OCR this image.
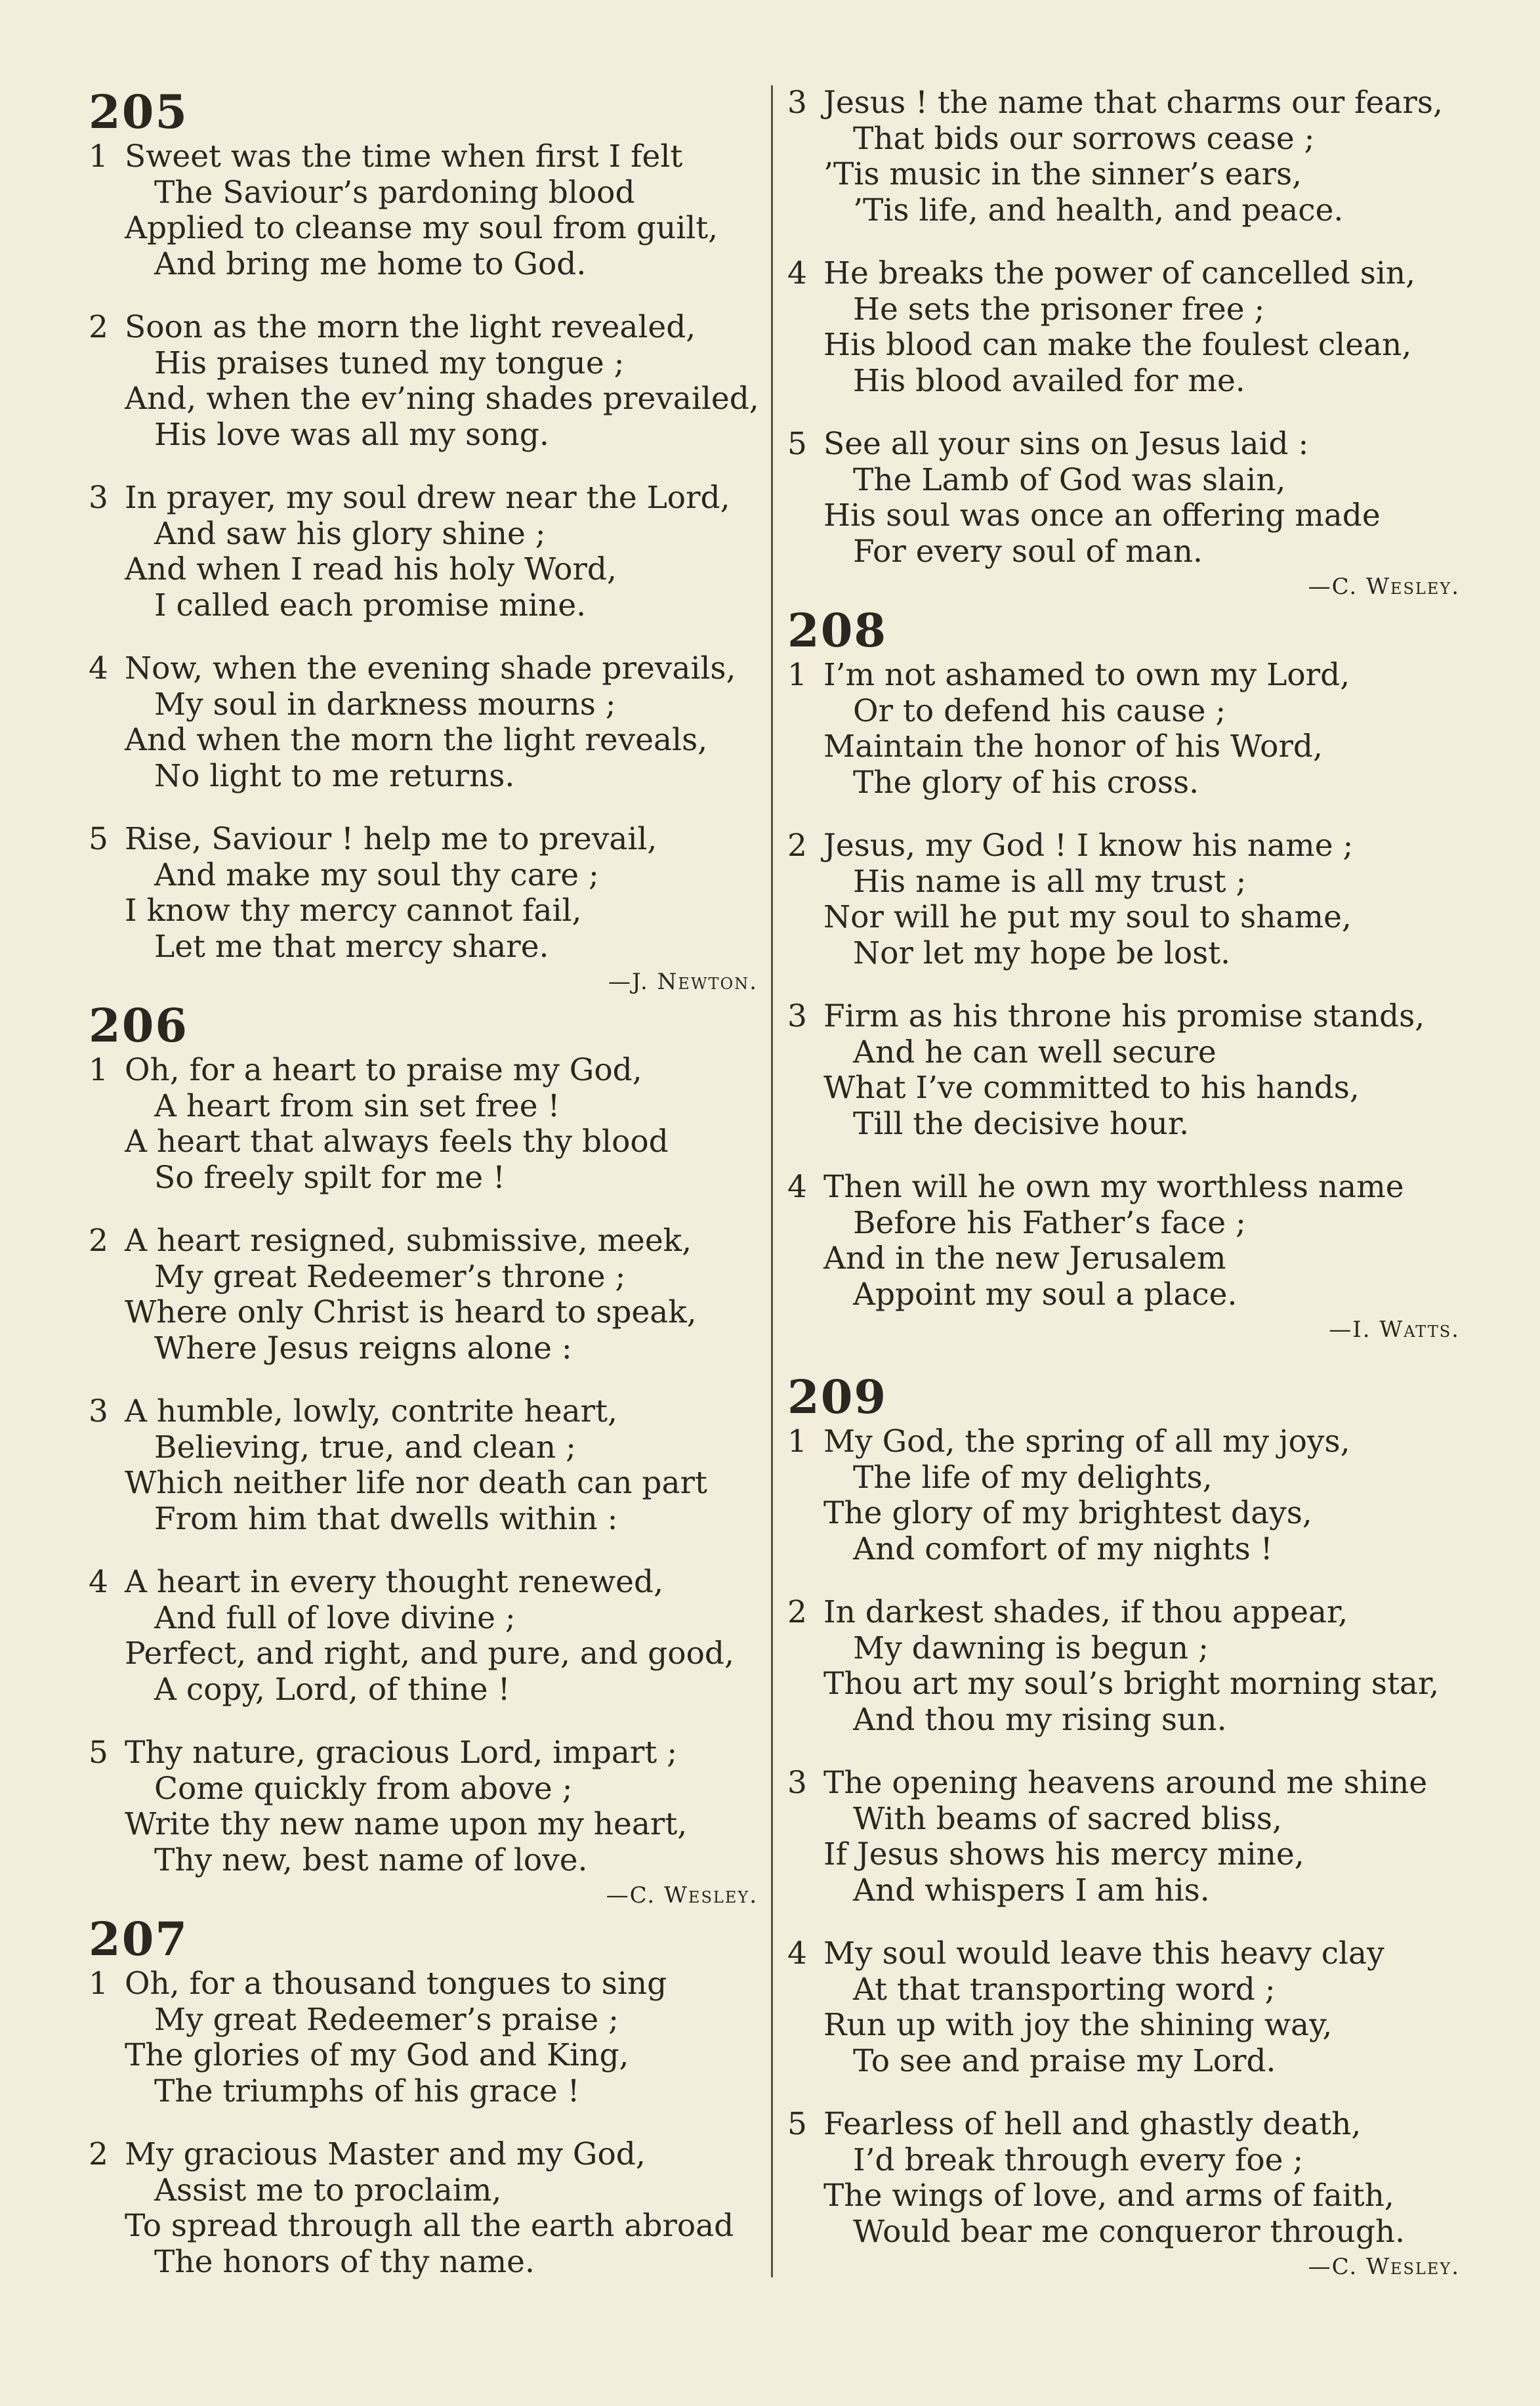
205
1 Sweet was the time when first I felt
The Saviour’s pardoning blood
Applied to cleanse my soul from guilt,
And bring me home to God.
2 Soon as the morn the light revealed,
His praises tuned my tongue ;
And, when the ev’ning shades prevailed,
His love was all my song.
3 In prayer, my soul drew near the Lord,
And saw his glory shine ;
And when I read his holy Word,
I called each promise mine.
4 Now, when the evening shade prevails,
My soul in darkness mourns ;
And when the morn the light reveals,
No light to me returns.
5 Rise, Saviour ! help me to prevail,
And make my soul thy care ;
I know thy mercy cannot fail,
Let me that mercy share.
—J. Newton.
206
1 Oh, for a heart to praise my God,
A heart from sin set free !
A heart that always feels thy blood
So freely spilt for me !
2 A heart resigned, submissive, meek,
My great Redeemer’s throne ;
Where only Christ is heard to speak,
Where Jesus reigns alone :
3 A humble, lowly, contrite heart,
Believing, true, and clean ;
Which neither life nor death can part
From him that dwells within :
4 A heart in every thought renewed,
And full of love divine ;
Perfect, and right, and pure, and good,
A copy, Lord, of thine !
5 Thy nature, gracious Lord, impart ;
Come quickly from above ;
Write thy new name upon my heart,
Thy new, best name of love.
—C. Wesley.
207
1 Oh, for a thousand tongues to sing
My great Redeemer’s praise ;
The glories of my God and King,
The triumphs of his grace !
2 My gracious Master and my God,
Assist me to proclaim,
To spread through all the earth abroad
The honors of thy name.
3 Jesus ! the name that charms our fears,
That bids our sorrows cease ;
’Tis music in the sinner’s ears,
’Tis life, and health, and peace.
4 He breaks the power of cancelled sin,
He sets the prisoner free ;
His blood can make the foulest clean,
His blood availed for me.
5 See all your sins on Jesus laid :
The Lamb of God was slain,
His soul was once an offering made
For every soul of man.
—C. Wesley.
208
1 I’m not ashamed to own my Lord,
Or to defend his cause ;
Maintain the honor of his Word,
The glory of his cross.
2 Jesus, my God ! I know his name ;
His name is all my trust ;
Nor will he put my soul to shame,
Nor let my hope be lost.
3 Firm as his throne his promise stands,
And he can well secure
What I’ve committed to his hands,
Till the decisive hour.
4 Then will he own my worthless name
Before his Father’s face ;
And in the new Jerusalem
Appoint my soul a place.
—I. Watts.
209
1 My God, the spring of all my joys,
The life of my delights,
The glory of my brightest days,
And comfort of my nights !
2 In darkest shades, if thou appear,
My dawning is begun ;
Thou art my soul’s bright morning star,
And thou my rising sun.
3 The opening heavens around me shine
With beams of sacred bliss,
If Jesus shows his mercy mine,
And whispers I am his.
4 My soul would leave this heavy clay
At that transporting word ;
Run up with joy the shining way,
To see and praise my Lord.
5 Fearless of hell and ghastly death,
I’d break through every foe ;
The wings of love, and arms of faith,
Would bear me conqueror through.
—C. Wesley.
